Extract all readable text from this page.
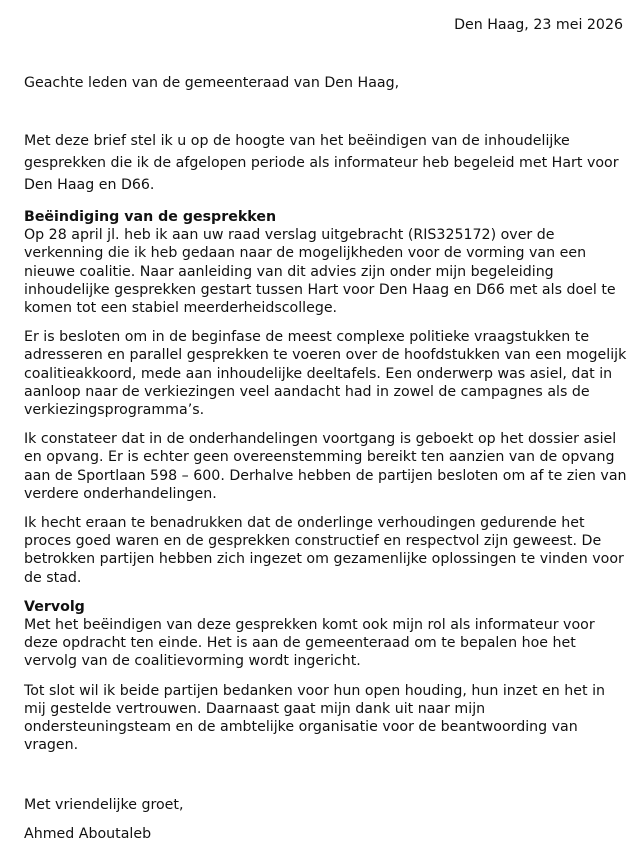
Den Haag, 23 mei 2026
Geachte leden van de gemeenteraad van Den Haag,
Met deze brief stel ik u op de hoogte van het beëindigen van de inhoudelijke gesprekken die ik de afgelopen periode als informateur heb begeleid met Hart voor Den Haag en D66.
Beëindiging van de gesprekken

Op 28 april jl. heb ik aan uw raad verslag uitgebracht (RIS325172) over de verkenning die ik heb gedaan naar de mogelijkheden voor de vorming van een nieuwe coalitie. Naar aanleiding van dit advies zijn onder mijn begeleiding inhoudelijke gesprekken gestart tussen Hart voor Den Haag en D66 met als doel te komen tot een stabiel meerderheidscollege.

Er is besloten om in de beginfase de meest complexe politieke vraagstukken te adresseren en parallel gesprekken te voeren over de hoofdstukken van een mogelijk coalitieakkoord, mede aan inhoudelijke deeltafels. Een onderwerp was asiel, dat in aanloop naar de verkiezingen veel aandacht had in zowel de campagnes als de verkiezingsprogramma’s.

Ik constateer dat in de onderhandelingen voortgang is geboekt op het dossier asiel en opvang. Er is echter geen overeenstemming bereikt ten aanzien van de opvang aan de Sportlaan 598 – 600. Derhalve hebben de partijen besloten om af te zien van verdere onderhandelingen.

Ik hecht eraan te benadrukken dat de onderlinge verhoudingen gedurende het proces goed waren en de gesprekken constructief en respectvol zijn geweest. De betrokken partijen hebben zich ingezet om gezamenlijke oplossingen te vinden voor de stad.

Vervolg

Met het beëindigen van deze gesprekken komt ook mijn rol als informateur voor deze opdracht ten einde. Het is aan de gemeenteraad om te bepalen hoe het vervolg van de coalitievorming wordt ingericht.

Tot slot wil ik beide partijen bedanken voor hun open houding, hun inzet en het in mij gestelde vertrouwen. Daarnaast gaat mijn dank uit naar mijn ondersteuningsteam en de ambtelijke organisatie voor de beantwoording van vragen.

Met vriendelijke groet,
Ahmed Aboutaleb
